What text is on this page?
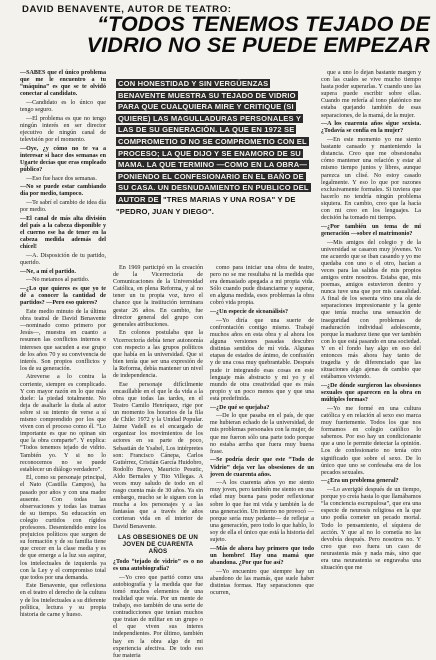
DAVID BENAVENTE, AUTOR DE TEATRO:
“TODOS TENEMOS TEJADO DE VIDRIO NO SE PUEDE EMPEZAR
CON HONESTIDAD Y SIN VERGÜENZAS BENAVENTE MUESTRA SU TEJADO DE VIDRIO PARA QUE CUALQUIERA MIRE Y CRITIQUE (SI QUIERE) LAS MAGULLADURAS PERSONALES Y LAS DE SU GENERACIÓN. LA QUE EN 1972 SE COMPROMETIO O NO SE COMPROMETIO CON EL PROCESO; LA QUE DIJO Y SE ENAMORO DE SU MAMA. LA QUE TERMINO —COMO EN LA OBRA— PONIENDO EL CONFESIONARIO EN EL BAÑO DE SU CASA. UN DESNUDAMIENTO EN PUBLICO DEL AUTOR DE "TRES MARIAS Y UNA ROSA" Y DE "PEDRO, JUAN Y DIEGO".

—SABES que el único problema que me le encuentro a tu “máquina” es que se te olvidó conectar al candidato.

—Candidato es lo único que tengo seguro.

—El problema es que no tengo ningún interés en ser director ejecutivo de ningún canal de televisión por el momento.

—Oye, ¿y cómo no te va a interesar si hace dos semanas en Ugarte decías que eras empleado público?

—Eso fue hace dos semanas.

—No se puede estar cambiando día por medio, tampoco.

—Te sabrí el cambio de idea día por medio.

—El canal de más alta división del país a la cabeza disponible y el cuerno ese ha de tener en la cabeza medida además del chícel!

—A. Disposición de tu partido, querido.

—Ne, a mí el partido.

—No metamos al partido.

—¿Lo que quieres es que yo te dé a conocer la cantidad de partidos? —Pero eso quieres?

Este medio minuto de la última obra teatral de David Benavente —nominado como primero por Jesús—, muestra en cuanto a resumen las conflictos internos e intereses que sacuden a ese grupo de los años 70 y su convivencia de interés. Son propios conflictos y los de su generación.

Atreverse a lo contra la corriente, siempre es complicado. Y con mayor razón en lo que más duele: la piedad totalmente. No deja de asaltarle la duda al autor sobre si su intento de verse a sí mismo comprendido por los que viven con el proceso como él. “Lo importante es que no opinan sin que la obra comparte”. Y explica: “Todos tenemos tejado de vidrio. También yo. Y si no lo reconocemos no se puede establecer un diálogo verdadero”.

El, como su personaje principal, el Nato (Castilla Campos), ha pasado por años y con una madre ausente. Con todas las observaciones y todas las tramas de su tiempo. Su educación en colegio curtidos con rígidos profesores. Desentendido entre los prejuicios políticos que surgen de su formación y de su familia tiene que crecer en la clase media y es de que emerge a la luz sus aspirar, los intelectuales de izquierda ya con la Ley y el compromiso total que todos por una demanda.

Este Benavente, que reflexiona en el teatro el derecho de la cultura y de los intelectuales a su diferente política, lectura y su propia historia de carne y hueso.

En 1969 participó en la creación de la Vicerrectoría de Comunicaciones de la Universidad Católica, en plena Reforma, y al no tener un tu propia voz, tuvo el chance que la institución terminara gestar 26 años. En cambio, fue director general del grupo con generales atribuciones.

En colonos postulaba que la Vicerrectoría debía tener autonomía con respecto a las grupos políticos que había en la universidad. Que si bien tenía que ser una expresión de la Reforma, debía mantener un nivel de independencia.

Ese personaje difícilmente encasillable en el que le da vida a la obra que todas las tardes, en el Teatro Camilo Henríquez, rige por un momento los horarios de la fila de Chile: 1972 y la Unidad Popular. Jaime Vadell es el encargado de organizar los movimientos de los actores en su parte de poco, Sebastián de Ysabel, Los intérpretes son: Francisco Cánepa, Carlos Gutiérrez, Cristián García Huidobro, Rodolfo Bravo, Mauricio Pesutic, Aldo Bernales y Tito Villegas. A veces muy saludo de todo en el rasgo cuenta más de 30 años. Ya sin embargo, mucho se le siguen con la mucha a los personajes y a las fantasías que a través de años corrieran vida en el interior de David Benavente.

LAS OBSESIONES DE UN JOVEN DE CUARENTA AÑOS

¿Todo “tejado de vidrio” es o no es una autobiografía?

—Yo creo que partió como una autobiografía y la medida que fue tomó muchos elementos de una realidad que veía. Por un mente de trabajo, eso también de una serie de contradicciones que tenían muchos que tratan de militar en un grupo o el que viven sus interes independientes. Por último, también hay en la obra algo de mi experiencia afectiva. De todo eso fue materia

como para iniciar una obra de teatro, pero no se me resultaba ni la medida que era demasiado apegada a mi propia vida. Sólo cuando pude distanciarme y superar, en alguna medida, esos problemas la obra cobró vida propia.

—¿Un especie de sicoanálisis?

—Yo diría que una suerte de confrontación contigo mismo. Trabajé muchos años en esta obra y al ahora los alguna versiones pasadas descubro distintas sentidos de mí vida. Algunas etapas de estados de ánimo, de confusión y de una cosa muy quebrantable. Después pude ir integrando esas cosas en este lenguaje más abstracto y mi yo y el mundo de otra creatividad que es más propio y un poco menos que y que una está predefinida.

—¿De qué se quejaba?

—De lo que pasaba en el país, de que me hubieran echado de la universidad, de mis problemas personales con la mujer, de que me fueron sólo una parte todo porque no estaba arriba que fuera muy buena frase.

—Se podría decir que este “Todo de Vidrio” deja ver las obsesiones de un joven de cuarenta años.

—A los cuarenta años yo me siento muy joven, pero también me siento en una edad muy buena para poder reflexionar sobre lo que fue mi vida y también la de una generación. Un interno no provocó —porque sería muy pedante— de reflejar a una generación, pero todo lo que hablo, lo soy de ella el único que está la historia del sujeto.

—Más de ahora hay primero que todo un hombre! Hay una mamá que abandona. ¿Por que fue así?

—Yo encuentro que siempre hay un abandono de las mamás, que suele haber distintas formas. Hay separaciones que ocurren,

que a uno lo dejan bastante margen y con las cuales se vive mucho tiempo hasta poder superarlas. Y cuando uno las supera puede escribir sobre ellas. Cuando me refería al tono platónico me estaba quejando también de esas separaciones, de la mamá, de la mujer.

—A los cuarenta años sigue sexista. ¿Todavía se confía en la mujer?

—En este momento yo me siento bastante cansado y manteniendo la distancia. Creo que me obsesionaba cómo mantener una relación y estar al mismo tiempo juntos y libres, aunque parezca un clisé. No estoy casado legalmente. Y eso lo que por razones exclusivamente formales. Si tuviera que hacerlo no tendría ningún problema siquiera. En cambio, creo que la hacía con mi creo en los lenguajes. La decisión ha tomado mi tiempo.

—¿Por también un tema de mi generación —sobre el matrimonio?

—Mis amigos del colegio y de la universidad se casaron muy jóvenes. Yo me acuerdo que se iban casando y yo me quedaba con uno o el otro, hacían a veces para las salidas de mis propios amigos entre nosotros. Estaba que, mis poemas, amigos estuvieron dentro y nunca tuve una que por mis casualidad. A final de los sesenta vino una ola de separaciones impresionante y la gente que tenía mucha una sensación de inseguridad con problemas de maduración individual adolescente, porque la madurez tiene que ver también con lo que está pasando en una sociedad. Y en el fondo hay algo en eso del entonces más ahora hay tanto de tragedia y de diferenciado que las situaciones algo ajenas de cambio que estábamos viviendo.

—¿De dónde surgieron las obsesiones sexuales que aparecen en la obra en múltiples formas?

—Yo me formé en una cultura católica y en relación al sexo eso marca muy fuertemente. Todos los que nos formamos en colegio católico lo sabemos. Por eso hay un condicionante que a uno le permite detectar la opinión. Los de confesionario no tenía otro significado que sobre el sexo. De lo único que uno se confesaba era de los pecados sexuales.

—¿Era un problema general?

—Lo averigüé después de un tiempo, porque yo creía hasta lo que llamábamos “la conciencia escrupulosa”, que era una especie de neurosis religiosa en la que uno podía cometer un pecado mortal. Todo lo pensamiento, el síquiera de acción. Y que al no lo cometía no las devolvía después. Pero nosotros no. Y creo que eso fuera un caso de neurastenia más y nada más, sino que era una neurastenia se engravaba una situación que me
